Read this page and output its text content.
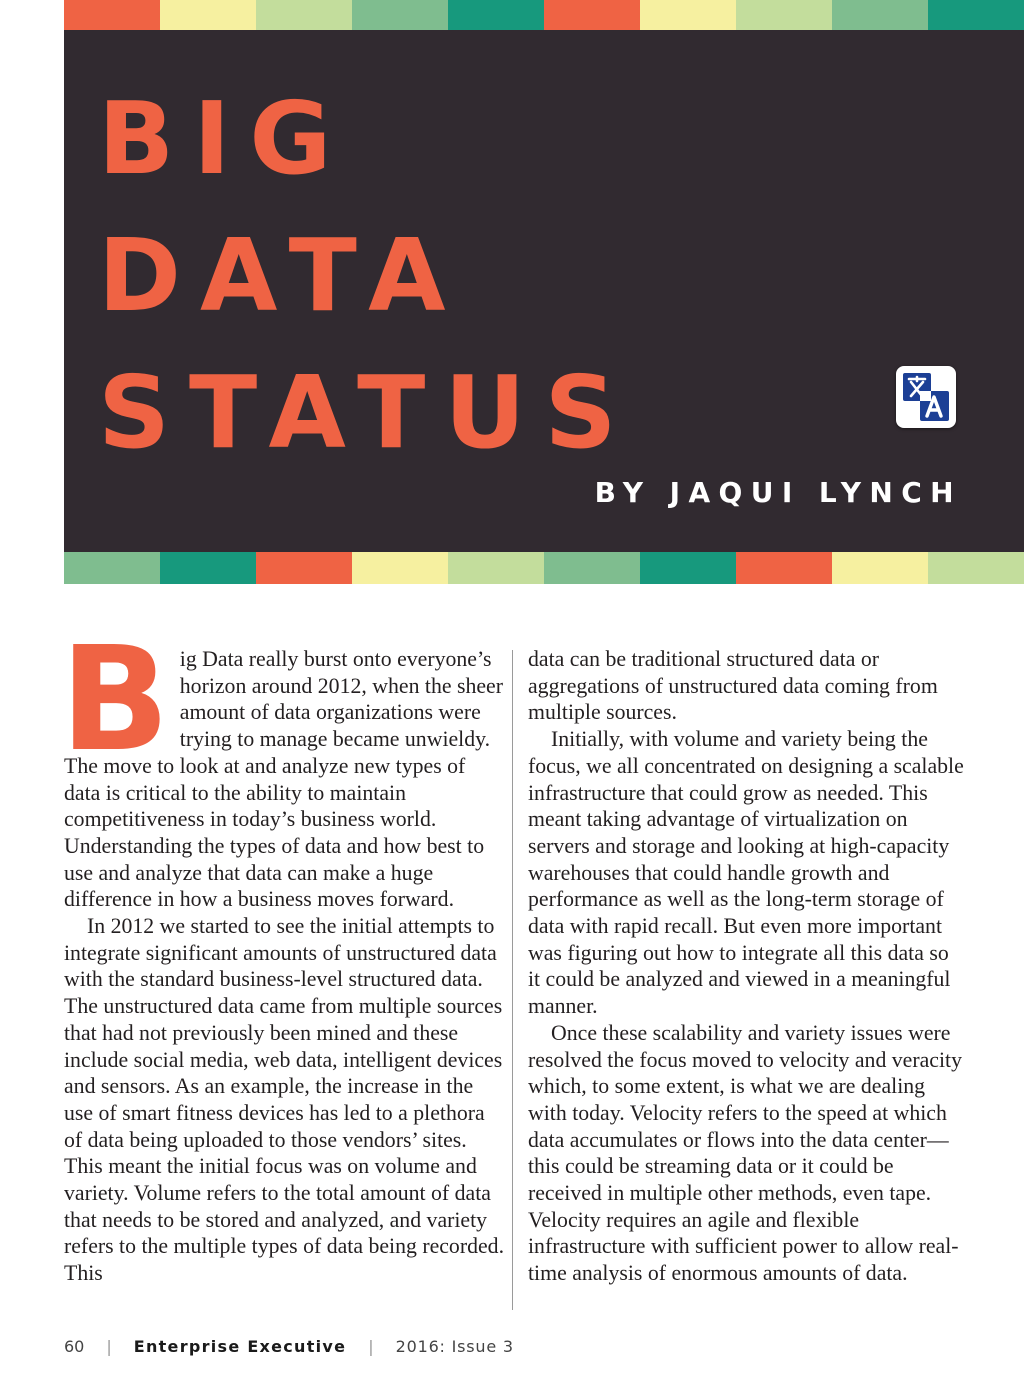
BIG
DATA
STATUS

BY JAQUI LYNCH

Big Data really burst onto everyone’s horizon around 2012, when the sheer amount of data organizations were trying to manage became unwieldy. The move to look at and analyze new types of data is critical to the ability to maintain competitiveness in today’s business world. Understanding the types of data and how best to use and analyze that data can make a huge difference in how a business moves forward.

In 2012 we started to see the initial attempts to integrate significant amounts of unstructured data with the standard business-level structured data. The unstructured data came from multiple sources that had not previously been mined and these include social media, web data, intelligent devices and sensors. As an example, the increase in the use of smart fitness devices has led to a plethora of data being uploaded to those vendors’ sites. This meant the initial focus was on volume and variety. Volume refers to the total amount of data that needs to be stored and analyzed, and variety refers to the multiple types of data being recorded. This

data can be traditional structured data or aggregations of unstructured data coming from multiple sources.

Initially, with volume and variety being the focus, we all concentrated on designing a scalable infrastructure that could grow as needed. This meant taking advantage of virtualization on servers and storage and looking at high-capacity warehouses that could handle growth and performance as well as the long-term storage of data with rapid recall. But even more important was figuring out how to integrate all this data so it could be analyzed and viewed in a meaningful manner.

Once these scalability and variety issues were resolved the focus moved to velocity and veracity which, to some extent, is what we are dealing with today. Velocity refers to the speed at which data accumulates or flows into the data center—this could be streaming data or it could be received in multiple other methods, even tape. Velocity requires an agile and flexible infrastructure with sufficient power to allow real-time analysis of enormous amounts of data.

60 | Enterprise Executive | 2016: Issue 3
